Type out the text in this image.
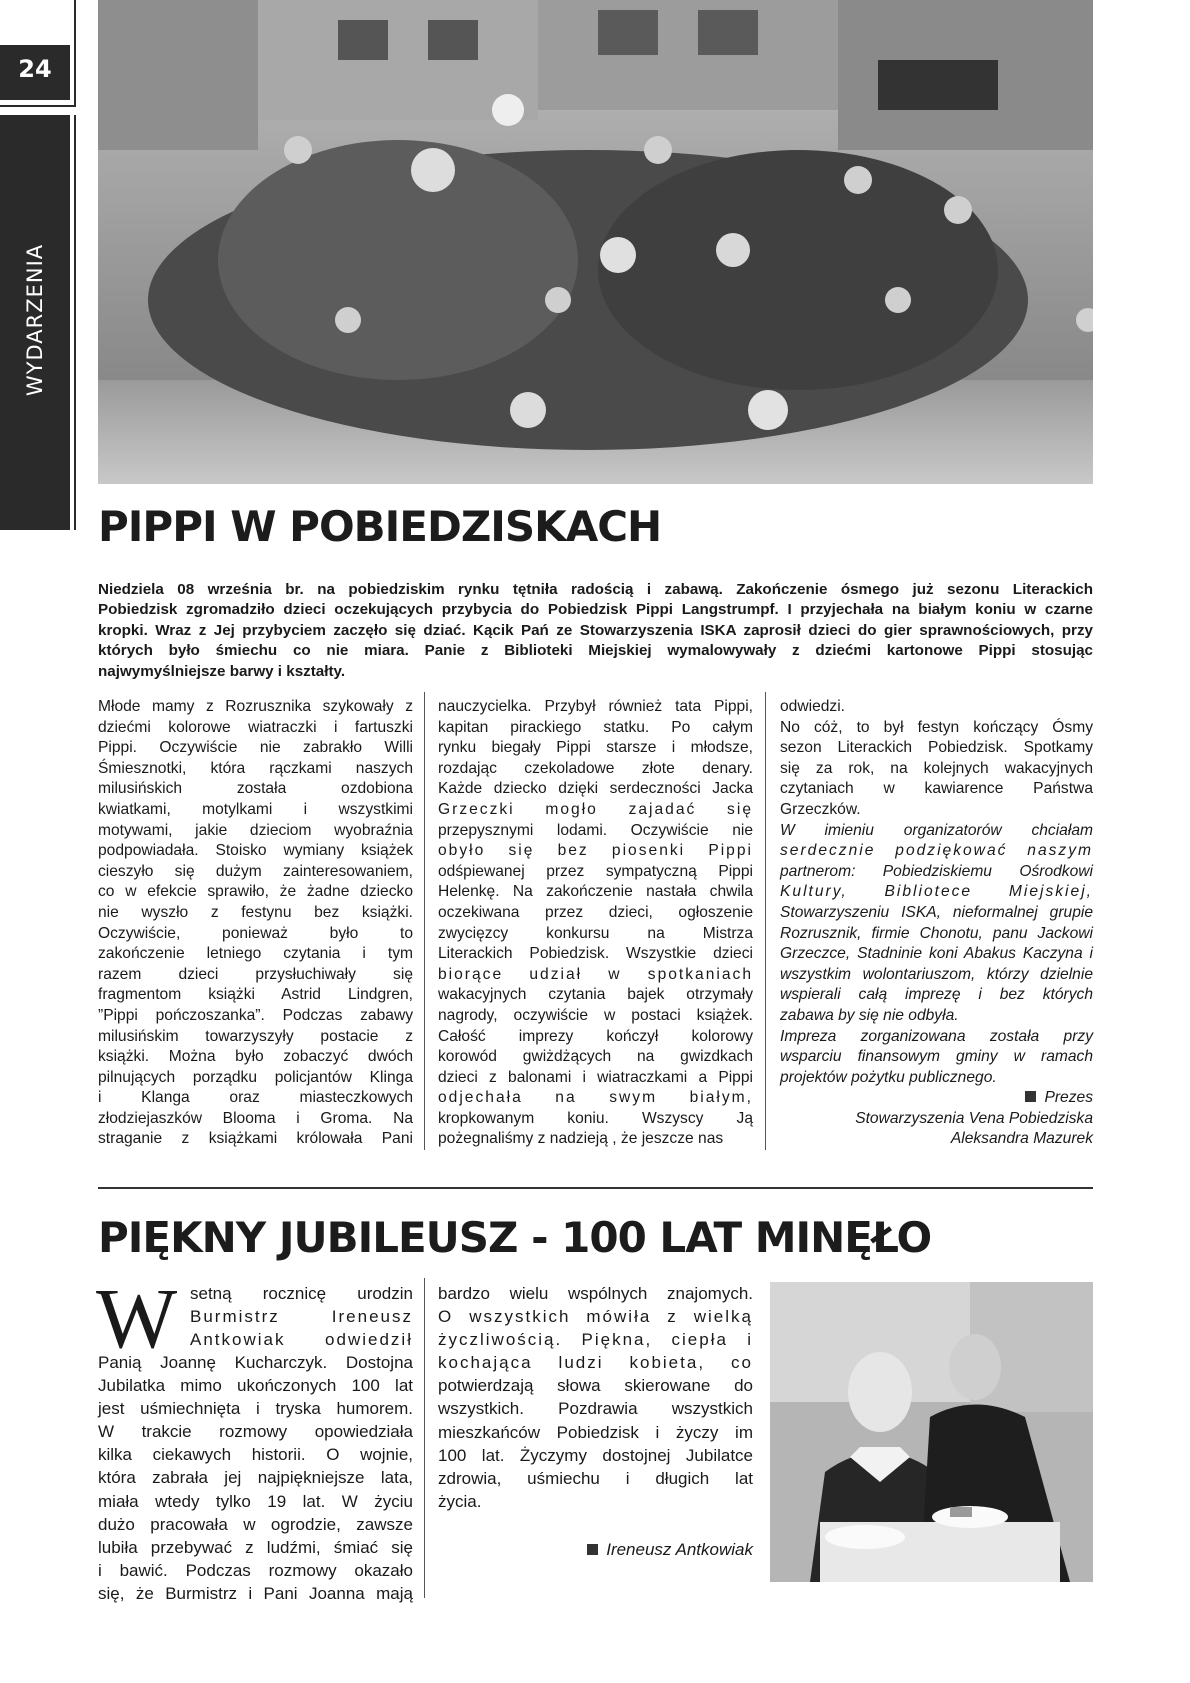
24
WYDARZENIA
PIPPI W POBIEDZISKACH
Niedziela 08 września br. na pobiedziskim rynku tętniła radością i zabawą. Zakończenie ósmego już sezonu Literackich
Pobiedzisk zgromadziło dzieci oczekujących przybycia do Pobiedzisk Pippi Langstrumpf. I przyjechała na białym koniu w czarne
kropki. Wraz z Jej przybyciem zaczęło się dziać. Kącik Pań ze Stowarzyszenia ISKA zaprosił dzieci do gier sprawnościowych, przy
których było śmiechu co nie miara. Panie z Biblioteki Miejskiej wymalowywały z dziećmi kartonowe Pippi stosując
najwymyślniejsze barwy i kształty.
Młode mamy z Rozrusznika szykowały z
dziećmi kolorowe wiatraczki i fartuszki
Pippi. Oczywiście nie zabrakło Willi
Śmiesznotki, która rączkami naszych
milusińskich została ozdobiona
kwiatkami, motylkami i wszystkimi
motywami, jakie dzieciom wyobraźnia
podpowiadała. Stoisko wymiany książek
cieszyło się dużym zainteresowaniem,
co w efekcie sprawiło, że żadne dziecko
nie wyszło z festynu bez książki.
Oczywiście, ponieważ było to
zakończenie letniego czytania i tym
razem dzieci przysłuchiwały się
fragmentom książki Astrid Lindgren,
”Pippi pończoszanka”. Podczas zabawy
milusińskim towarzyszyły postacie z
książki. Można było zobaczyć dwóch
pilnujących porządku policjantów Klinga
i Klanga oraz miasteczkowych
złodziejaszków Blooma i Groma. Na
straganie z książkami królowała Pani
nauczycielka. Przybył również tata Pippi,
kapitan pirackiego statku. Po całym
rynku biegały Pippi starsze i młodsze,
rozdając czekoladowe złote denary.
Każde dziecko dzięki serdeczności Jacka
Grzeczki mogło zajadać się
przepysznymi lodami. Oczywiście nie
obyło się bez piosenki Pippi
odśpiewanej przez sympatyczną Pippi
Helenkę. Na zakończenie nastała chwila
oczekiwana przez dzieci, ogłoszenie
zwycięzcy konkursu na Mistrza
Literackich Pobiedzisk. Wszystkie dzieci
biorące udział w spotkaniach
wakacyjnych czytania bajek otrzymały
nagrody, oczywiście w postaci książek.
Całość imprezy kończył kolorowy
korowód gwiżdżących na gwizdkach
dzieci z balonami i wiatraczkami a Pippi
odjechała na swym białym,
kropkowanym koniu. Wszyscy Ją
pożegnaliśmy z nadzieją , że jeszcze nas
odwiedzi.
No cóż, to był festyn kończący Ósmy
sezon Literackich Pobiedzisk. Spotkamy
się za rok, na kolejnych wakacyjnych
czytaniach w kawiarence Państwa
Grzeczków.
W imieniu organizatorów chciałam
serdecznie podziękować naszym
partnerom: Pobiedziskiemu Ośrodkowi
Kultury, Bibliotece Miejskiej,
Stowarzyszeniu ISKA, nieformalnej grupie
Rozrusznik, firmie Chonotu, panu Jackowi
Grzeczce, Stadninie koni Abakus Kaczyna i
wszystkim wolontariuszom, którzy dzielnie
wspierali całą imprezę i bez których
zabawa by się nie odbyła.
Impreza zorganizowana została przy
wsparciu finansowym gminy w ramach
projektów pożytku publicznego.
Prezes
Stowarzyszenia Vena Pobiedziska
Aleksandra Mazurek
PIĘKNY JUBILEUSZ - 100 LAT MINĘŁO
W setną rocznicę urodzin
Burmistrz Ireneusz
Antkowiak odwiedził
Panią Joannę Kucharczyk. Dostojna
Jubilatka mimo ukończonych 100 lat
jest uśmiechnięta i tryska humorem.
W trakcie rozmowy opowiedziała
kilka ciekawych historii. O wojnie,
która zabrała jej najpiękniejsze lata,
miała wtedy tylko 19 lat. W życiu
dużo pracowała w ogrodzie, zawsze
lubiła przebywać z ludźmi, śmiać się
i bawić. Podczas rozmowy okazało
się, że Burmistrz i Pani Joanna mają
bardzo wielu wspólnych znajomych.
O wszystkich mówiła z wielką
życzliwością. Piękna, ciepła i
kochająca ludzi kobieta, co
potwierdzają słowa skierowane do
wszystkich. Pozdrawia wszystkich
mieszkańców Pobiedzisk i życzy im
100 lat. Życzymy dostojnej Jubilatce
zdrowia, uśmiechu i długich lat
życia.
Ireneusz Antkowiak
